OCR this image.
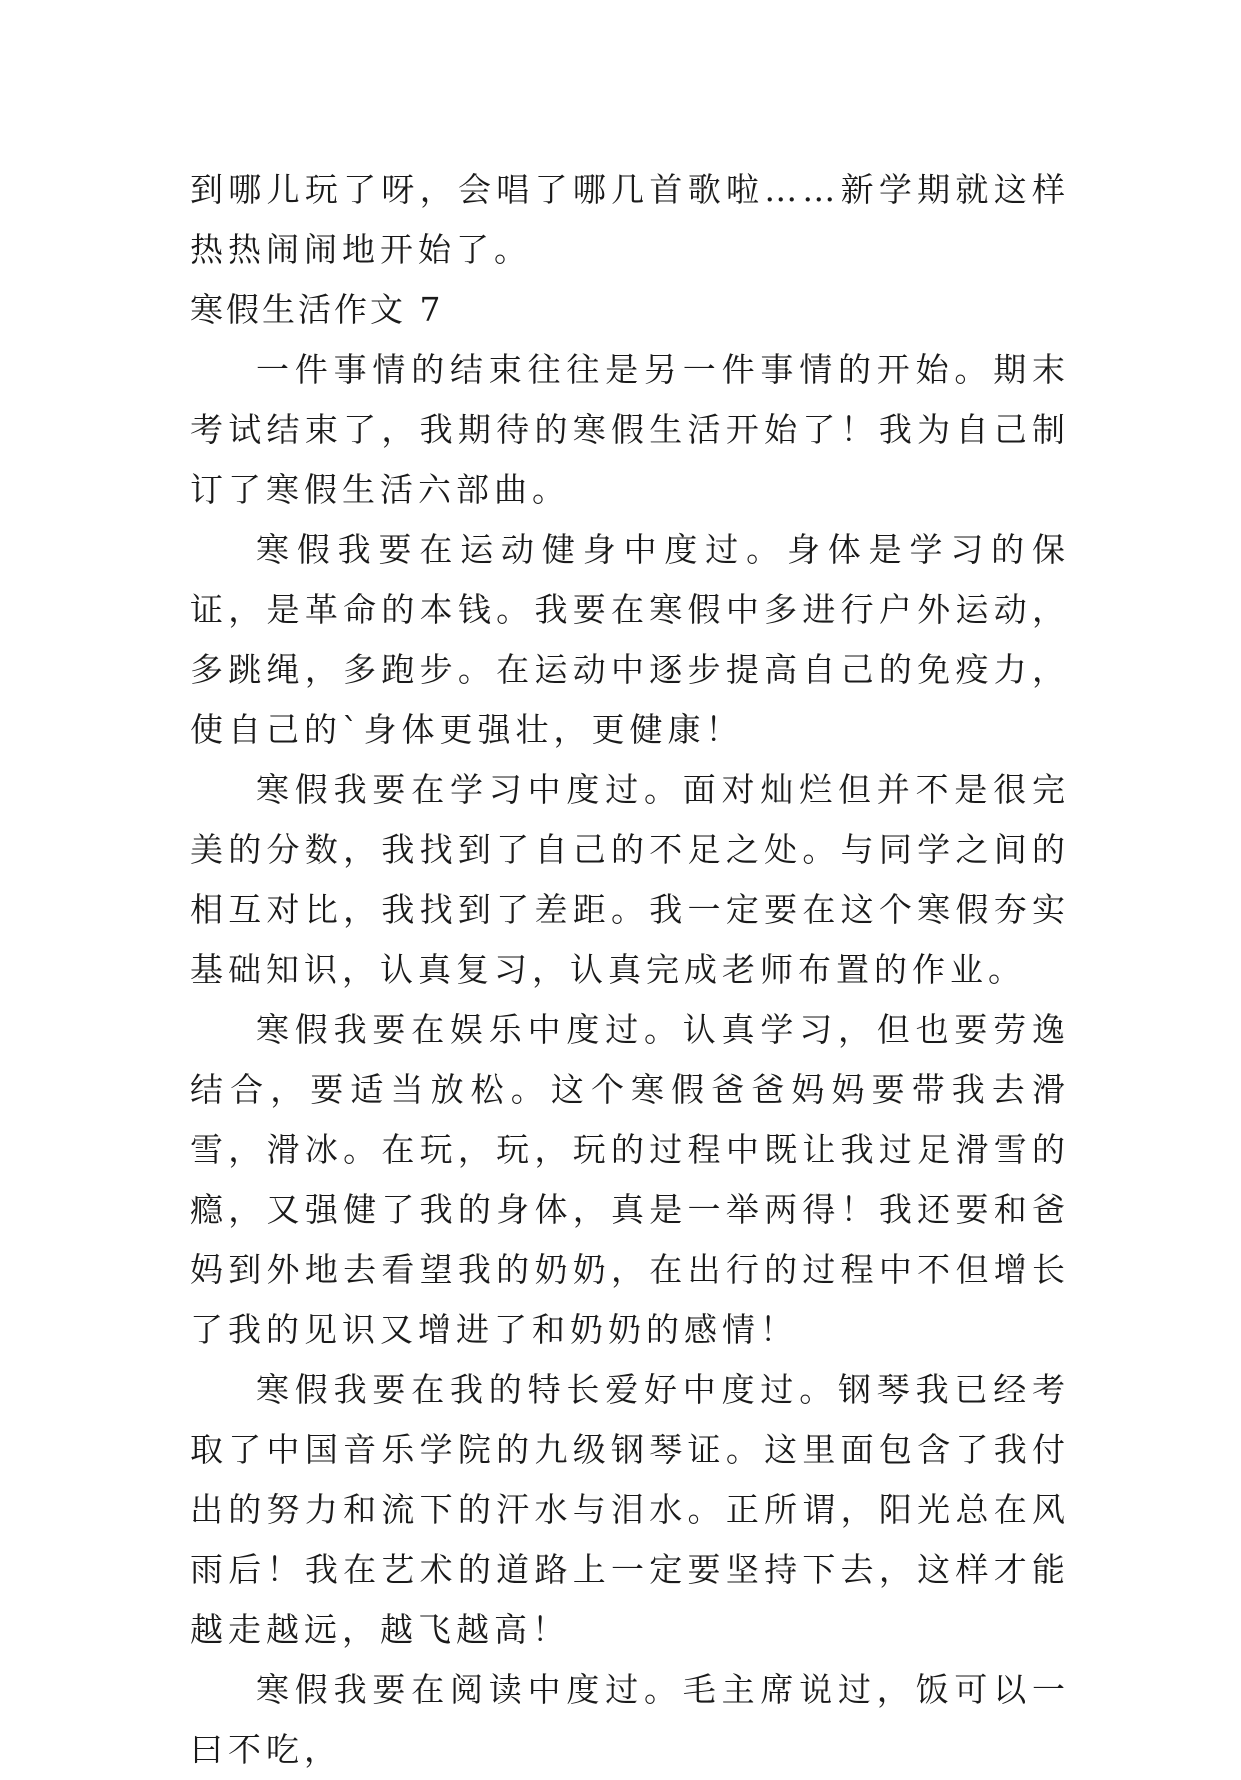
到哪儿玩了呀，会唱了哪几首歌啦……新学期就这样热热闹闹地开始了。

寒假生活作文 7

一件事情的结束往往是另一件事情的开始。期末考试结束了，我期待的寒假生活开始了！我为自己制订了寒假生活六部曲。

寒假我要在运动健身中度过。身体是学习的保证，是革命的本钱。我要在寒假中多进行户外运动，多跳绳，多跑步。在运动中逐步提高自己的免疫力，使自己的`身体更强壮，更健康！

寒假我要在学习中度过。面对灿烂但并不是很完美的分数，我找到了自己的不足之处。与同学之间的相互对比，我找到了差距。我一定要在这个寒假夯实基础知识，认真复习，认真完成老师布置的作业。

寒假我要在娱乐中度过。认真学习，但也要劳逸结合，要适当放松。这个寒假爸爸妈妈要带我去滑雪，滑冰。在玩，玩，玩的过程中既让我过足滑雪的瘾，又强健了我的身体，真是一举两得！我还要和爸妈到外地去看望我的奶奶，在出行的过程中不但增长了我的见识又增进了和奶奶的感情！

寒假我要在我的特长爱好中度过。钢琴我已经考取了中国音乐学院的九级钢琴证。这里面包含了我付出的努力和流下的汗水与泪水。正所谓，阳光总在风雨后！我在艺术的道路上一定要坚持下去，这样才能越走越远，越飞越高！

寒假我要在阅读中度过。毛主席说过，饭可以一曰不吃，
